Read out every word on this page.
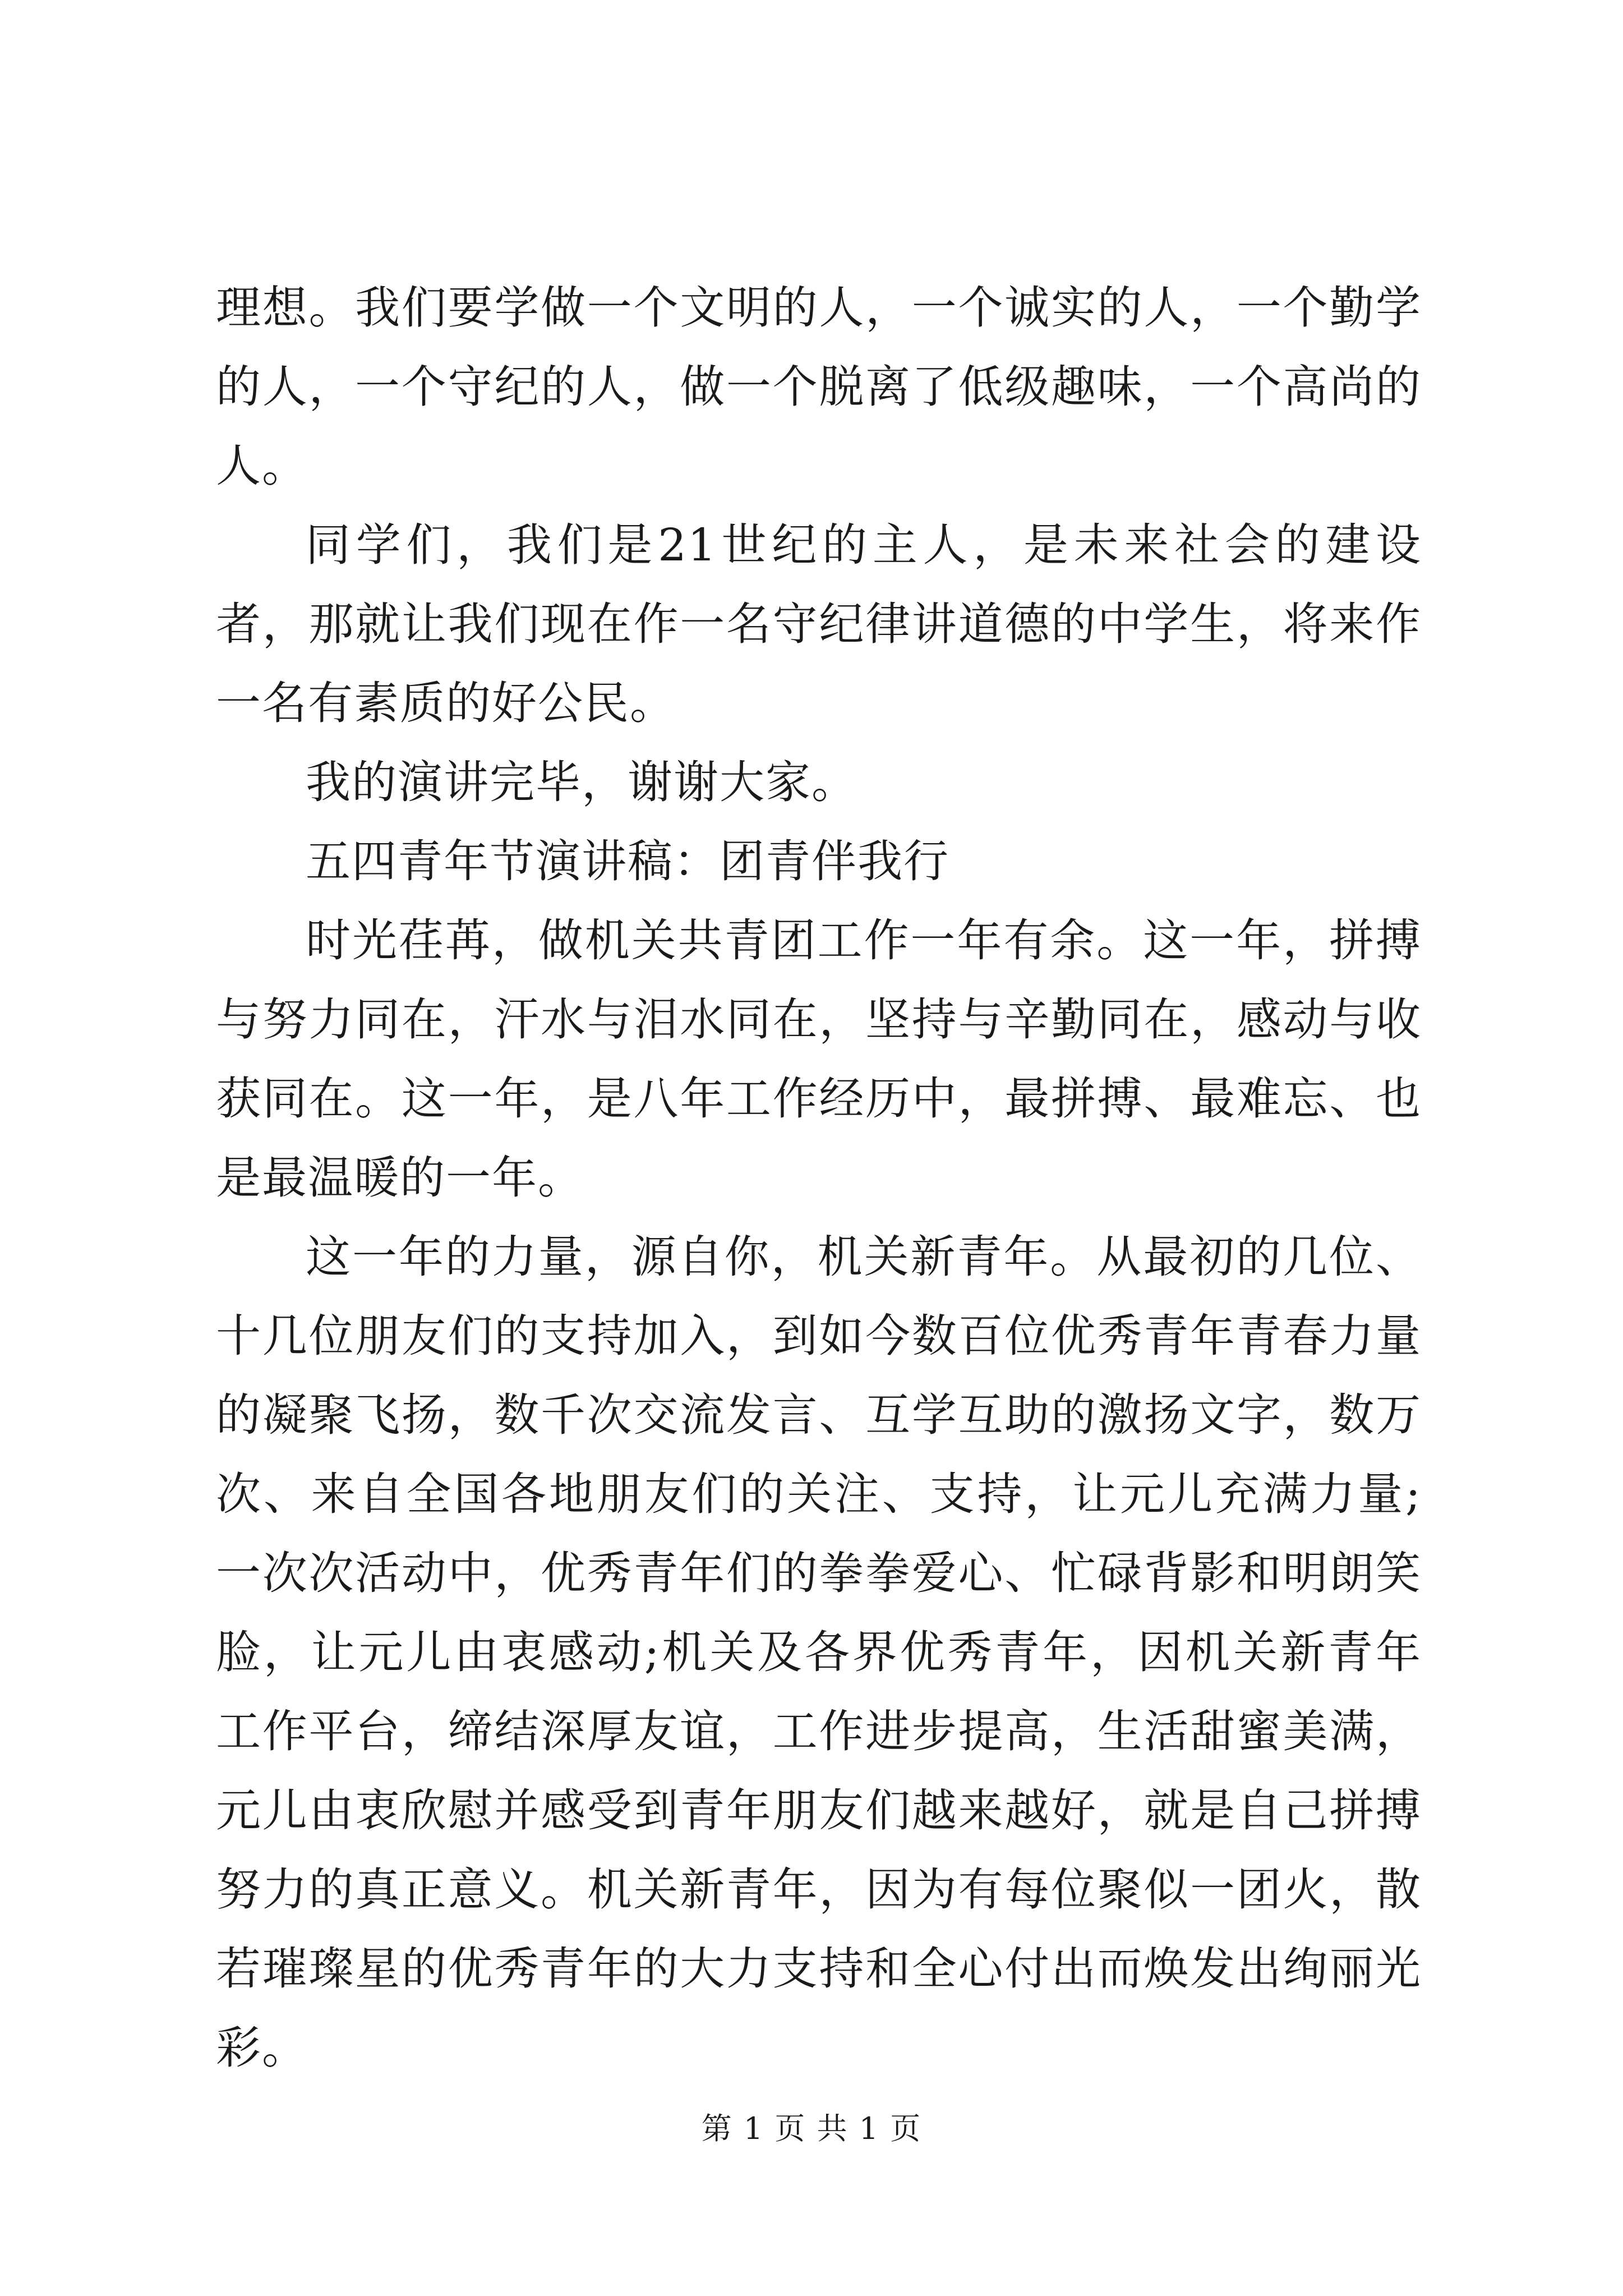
理想。我们要学做一个文明的人，一个诚实的人，一个勤学的人，一个守纪的人，做一个脱离了低级趣味，一个高尚的人。

同学们，我们是21世纪的主人，是未来社会的建设者，那就让我们现在作一名守纪律讲道德的中学生，将来作一名有素质的好公民。

我的演讲完毕，谢谢大家。

五四青年节演讲稿：团青伴我行

时光荏苒，做机关共青团工作一年有余。这一年，拼搏与努力同在，汗水与泪水同在，坚持与辛勤同在，感动与收获同在。这一年，是八年工作经历中，最拼搏、最难忘、也是最温暖的一年。

这一年的力量，源自你，机关新青年。从最初的几位、十几位朋友们的支持加入，到如今数百位优秀青年青春力量的凝聚飞扬，数千次交流发言、互学互助的激扬文字，数万次、来自全国各地朋友们的关注、支持，让元儿充满力量;一次次活动中，优秀青年们的拳拳爱心、忙碌背影和明朗笑脸，让元儿由衷感动;机关及各界优秀青年，因机关新青年工作平台，缔结深厚友谊，工作进步提高，生活甜蜜美满，元儿由衷欣慰并感受到青年朋友们越来越好，就是自己拼搏努力的真正意义。机关新青年，因为有每位聚似一团火，散若璀璨星的优秀青年的大力支持和全心付出而焕发出绚丽光彩。

第 1 页 共 1 页
